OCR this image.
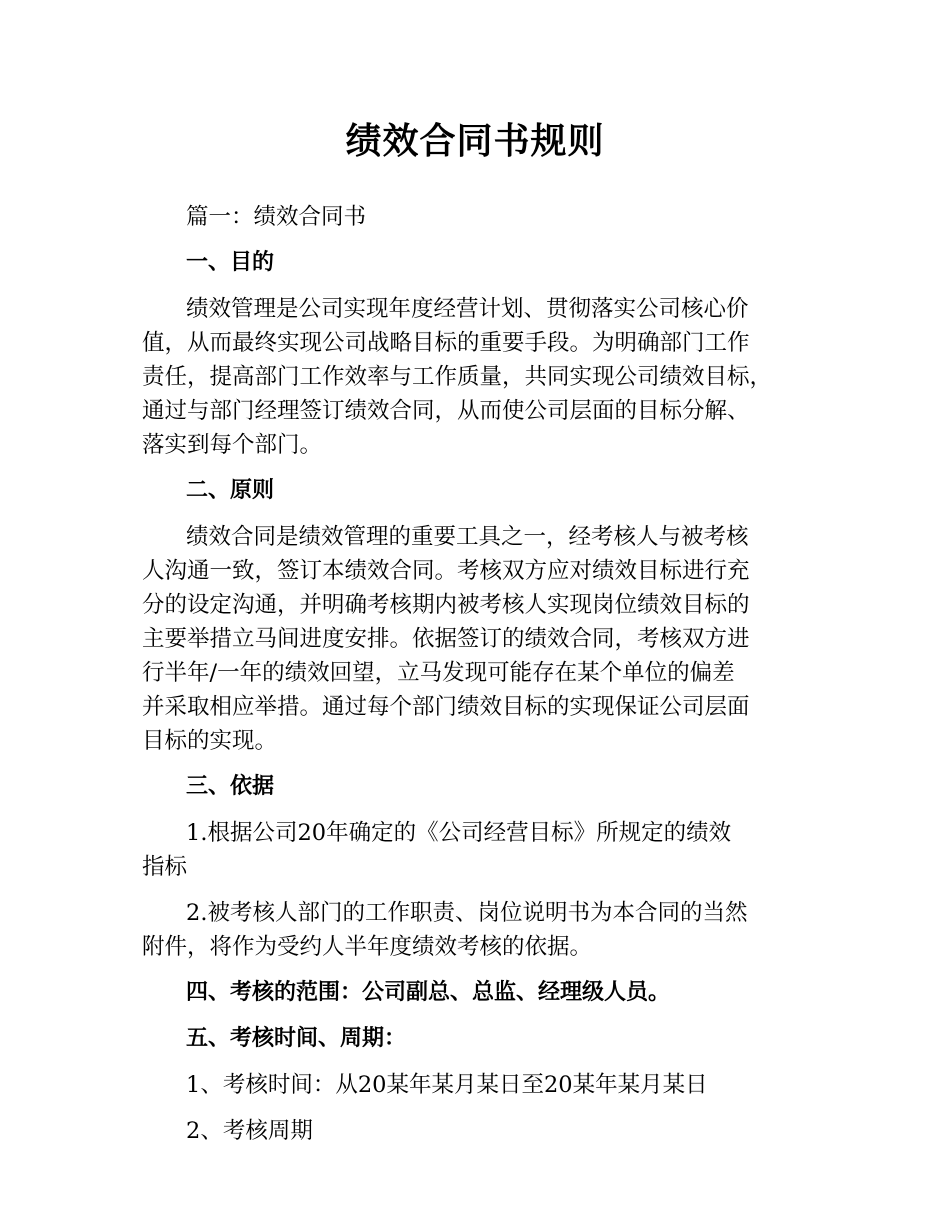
绩效合同书规则
篇一：绩效合同书
一、目的
绩效管理是公司实现年度经营计划、贯彻落实公司核心价
值，从而最终实现公司战略目标的重要手段。为明确部门工作
责任，提高部门工作效率与工作质量，共同实现公司绩效目标，
通过与部门经理签订绩效合同，从而使公司层面的目标分解、
落实到每个部门。
二、原则
绩效合同是绩效管理的重要工具之一，经考核人与被考核
人沟通一致，签订本绩效合同。考核双方应对绩效目标进行充
分的设定沟通，并明确考核期内被考核人实现岗位绩效目标的
主要举措立马间进度安排。依据签订的绩效合同，考核双方进
行半年/一年的绩效回望，立马发现可能存在某个单位的偏差
并采取相应举措。通过每个部门绩效目标的实现保证公司层面
目标的实现。
三、依据
1.根据公司20年确定的《公司经营目标》所规定的绩效
指标
2.被考核人部门的工作职责、岗位说明书为本合同的当然
附件，将作为受约人半年度绩效考核的依据。
四、考核的范围：公司副总、总监、经理级人员。
五、考核时间、周期：
1、考核时间：从20某年某月某日至20某年某月某日
2、考核周期
